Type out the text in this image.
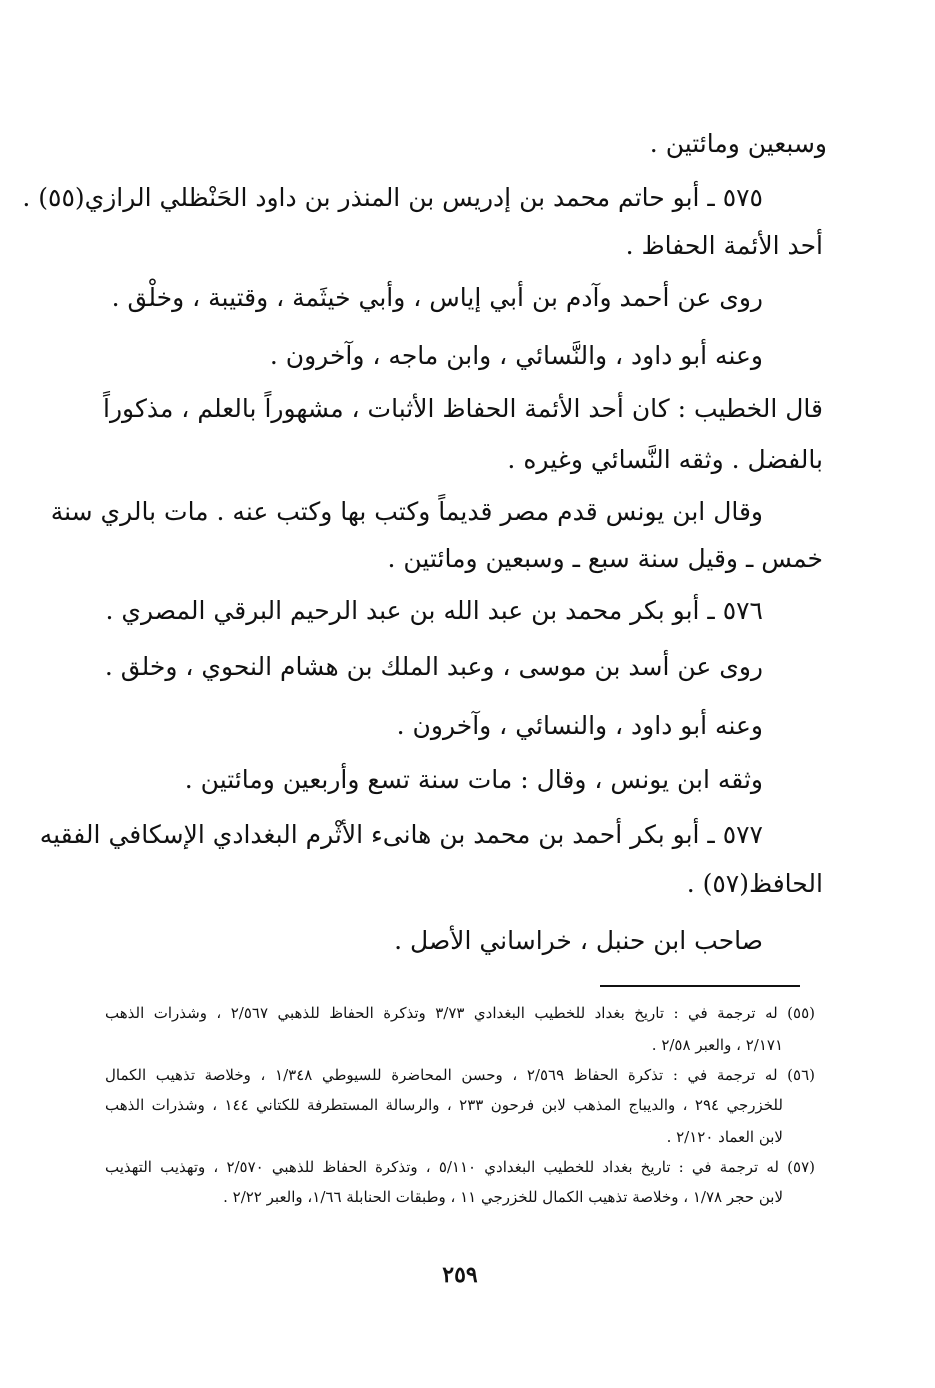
وسبعين ومائتين .
٥٧٥ ـ أبو حاتم محمد بن إدريس بن المنذر بن داود الحَنْظلي الرازي(٥٥) .
أحد الأئمة الحفاظ .
روى عن أحمد وآدم بن أبي إياس ، وأبي خيثَمة ، وقتيبة ، وخلْق .
وعنه أبو داود ، والنَّسائي ، وابن ماجه ، وآخرون .
قال الخطيب : كان أحد الأئمة الحفاظ الأثبات ، مشهوراً بالعلم ، مذكوراً
بالفضل . وثقه النَّسائي وغيره .
وقال ابن يونس قدم مصر قديماً وكتب بها وكتب عنه . مات بالري سنة
خمس ـ وقيل سنة سبع ـ وسبعين ومائتين .
٥٧٦ ـ أبو بكر محمد بن عبد الله بن عبد الرحيم البرقي المصري .
روى عن أسد بن موسى ، وعبد الملك بن هشام النحوي ، وخلق .
وعنه أبو داود ، والنسائي ، وآخرون .
وثقه ابن يونس ، وقال : مات سنة تسع وأربعين ومائتين .
٥٧٧ ـ أبو بكر أحمد بن محمد بن هانىء الأثْرم البغدادي الإسكافي الفقيه
الحافظ(٥٧) .
صاحب ابن حنبل ، خراساني الأصل .
(٥٥) له ترجمة في : تاريخ بغداد للخطيب البغدادي ٣/٧٣ وتذكرة الحفاظ للذهبي ٢/٥٦٧ ، وشذرات الذهب
٢/١٧١ ، والعبر ٢/٥٨ .
(٥٦) له ترجمة في : تذكرة الحفاظ ٢/٥٦٩ ، وحسن المحاضرة للسيوطي ١/٣٤٨ ، وخلاصة تذهيب الكمال
للخزرجي ٢٩٤ ، والديباج المذهب لابن فرحون ٢٣٣ ، والرسالة المستطرفة للكتاني ١٤٤ ، وشذرات الذهب
لابن العماد ٢/١٢٠ .
(٥٧) له ترجمة في : تاريخ بغداد للخطيب البغدادي ٥/١١٠ ، وتذكرة الحفاظ للذهبي ٢/٥٧٠ ، وتهذيب التهذيب
لابن حجر ١/٧٨ ، وخلاصة تذهيب الكمال للخزرجي ١١ ، وطبقات الحنابلة ١/٦٦، والعبر ٢/٢٢ .
٢٥٩
